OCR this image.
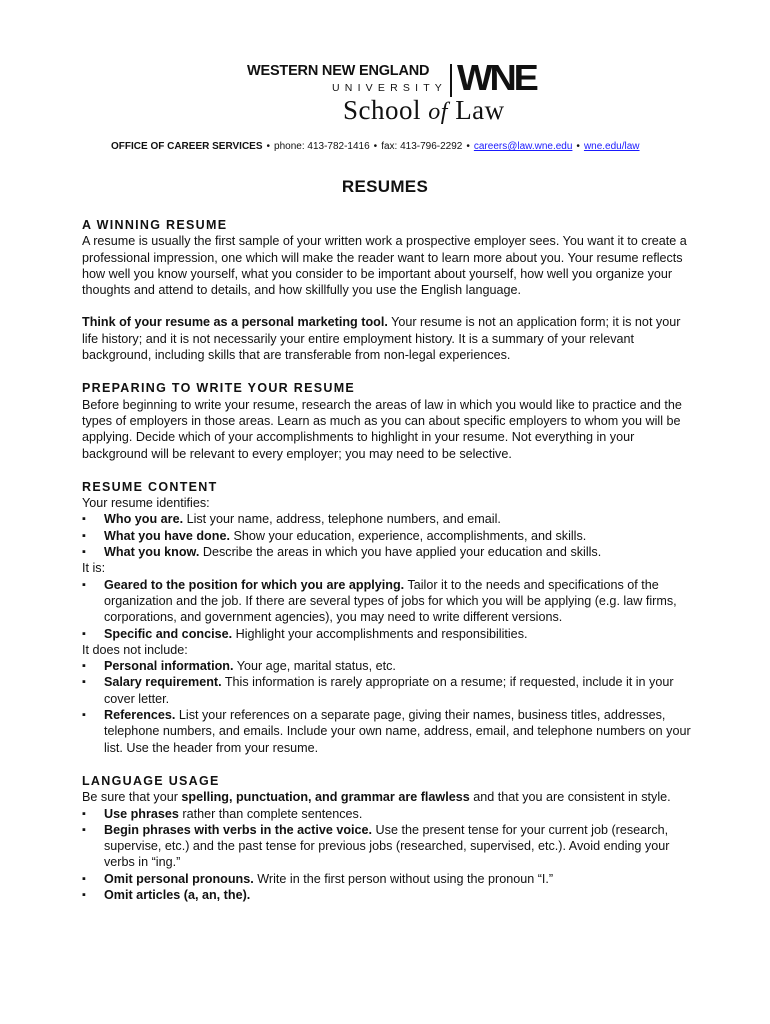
WESTERN NEW ENGLAND
UNIVERSITY
School of Law
WNE
OFFICE OF CAREER SERVICES • phone: 413-782-1416 • fax: 413-796-2292 • careers@law.wne.edu • wne.edu/law
RESUMES
A WINNING RESUME

A resume is usually the first sample of your written work a prospective employer sees. You want it to create a professional impression, one which will make the reader want to learn more about you. Your resume reflects how well you know yourself, what you consider to be important about yourself, how well you organize your thoughts and attend to details, and how skillfully you use the English language.

Think of your resume as a personal marketing tool. Your resume is not an application form; it is not your life history; and it is not necessarily your entire employment history. It is a summary of your relevant background, including skills that are transferable from non-legal experiences.

PREPARING TO WRITE YOUR RESUME

Before beginning to write your resume, research the areas of law in which you would like to practice and the types of employers in those areas. Learn as much as you can about specific employers to whom you will be applying. Decide which of your accomplishments to highlight in your resume. Not everything in your background will be relevant to every employer; you may need to be selective.

RESUME CONTENT

Your resume identifies:

▪ Who you are. List your name, address, telephone numbers, and email.
▪ What you have done. Show your education, experience, accomplishments, and skills.
▪ What you know. Describe the areas in which you have applied your education and skills.

It is:

▪ Geared to the position for which you are applying. Tailor it to the needs and specifications of the organization and the job. If there are several types of jobs for which you will be applying (e.g. law firms, corporations, and government agencies), you may need to write different versions.
▪ Specific and concise. Highlight your accomplishments and responsibilities.

It does not include:

▪ Personal information. Your age, marital status, etc.
▪ Salary requirement. This information is rarely appropriate on a resume; if requested, include it in your cover letter.
▪ References. List your references on a separate page, giving their names, business titles, addresses, telephone numbers, and emails. Include your own name, address, email, and telephone numbers on your list. Use the header from your resume.
LANGUAGE USAGE

Be sure that your spelling, punctuation, and grammar are flawless and that you are consistent in style.

▪ Use phrases rather than complete sentences.
▪ Begin phrases with verbs in the active voice. Use the present tense for your current job (research, supervise, etc.) and the past tense for previous jobs (researched, supervised, etc.). Avoid ending your verbs in “ing.”
▪ Omit personal pronouns. Write in the first person without using the pronoun “I.”
▪ Omit articles (a, an, the).
